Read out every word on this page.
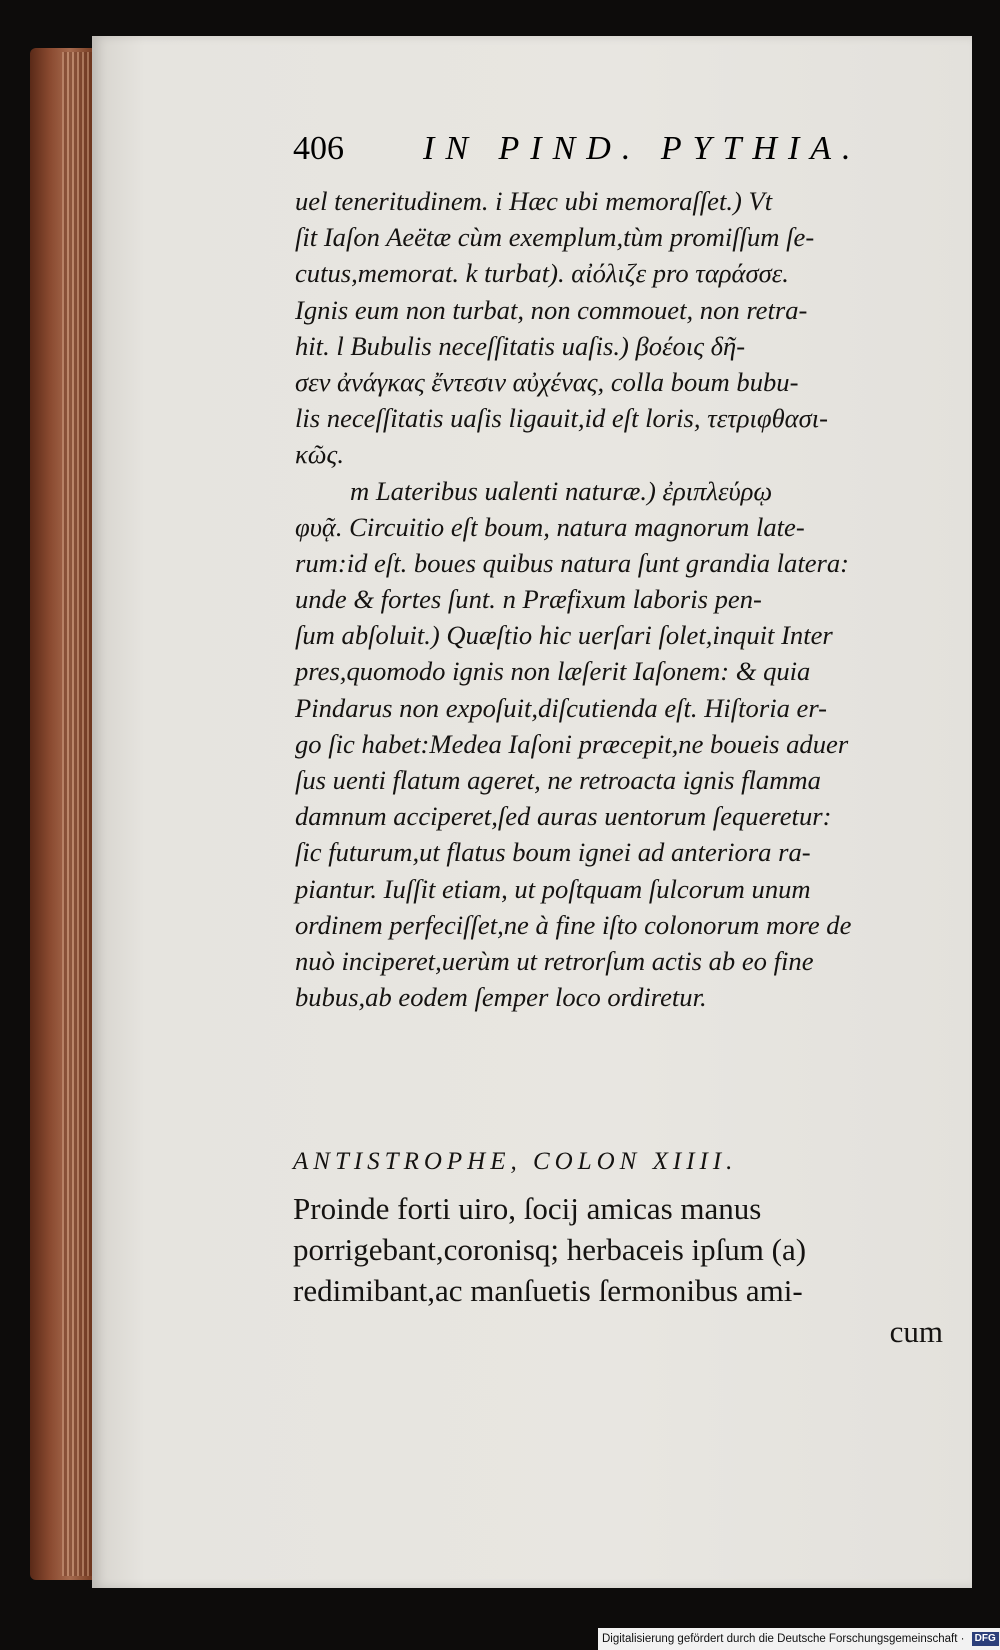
406 IN PIND. PYTHIA.
uel teneritudinem. i Hæc ubi memoraſſet.) Vt
ſit Iaſon Aeëtæ cùm exemplum,tùm promiſſum ſe-
cutus,memorat. k turbat). αἰόλιζε pro ταράσσε.
Ignis eum non turbat, non commouet, non retra-
hit. l Bubulis neceſſitatis uaſis.) βοέοις δῆ-
σεν ἀνάγκας ἔντεσιν αὐχένας, colla boum bubu-
lis neceſſitatis uaſis ligauit,id eſt loris, τετριφθασι-
κῶς.
m Lateribus ualenti naturæ.) ἐριπλεύρῳ
φυᾷ. Circuitio eſt boum, natura magnorum late-
rum:id eſt. boues quibus natura ſunt grandia latera:
unde & fortes ſunt. n Præfixum laboris pen-
ſum abſoluit.) Quæſtio hic uerſari ſolet,inquit Inter
pres,quomodo ignis non læſerit Iaſonem: & quia
Pindarus non expoſuit,diſcutienda eſt. Hiſtoria er-
go ſic habet:Medea Iaſoni præcepit,ne boueis aduer
ſus uenti flatum ageret, ne retroacta ignis flamma
damnum acciperet,ſed auras uentorum ſequeretur:
ſic futurum,ut flatus boum ignei ad anteriora ra-
piantur. Iuſſit etiam, ut poſtquam ſulcorum unum
ordinem perfeciſſet,ne à fine iſto colonorum more de
nuò inciperet,uerùm ut retrorſum actis ab eo fine
bubus,ab eodem ſemper loco ordiretur.
ANTISTROPHE, COLON XIIII.
Proinde forti uiro, ſocij amicas manus
porrigebant,coronisq; herbaceis ipſum (a)
redimibant,ac manſuetis ſermonibus ami-
cum
Digitalisierung gefördert durch die Deutsche Forschungsgemeinschaft · DFG
